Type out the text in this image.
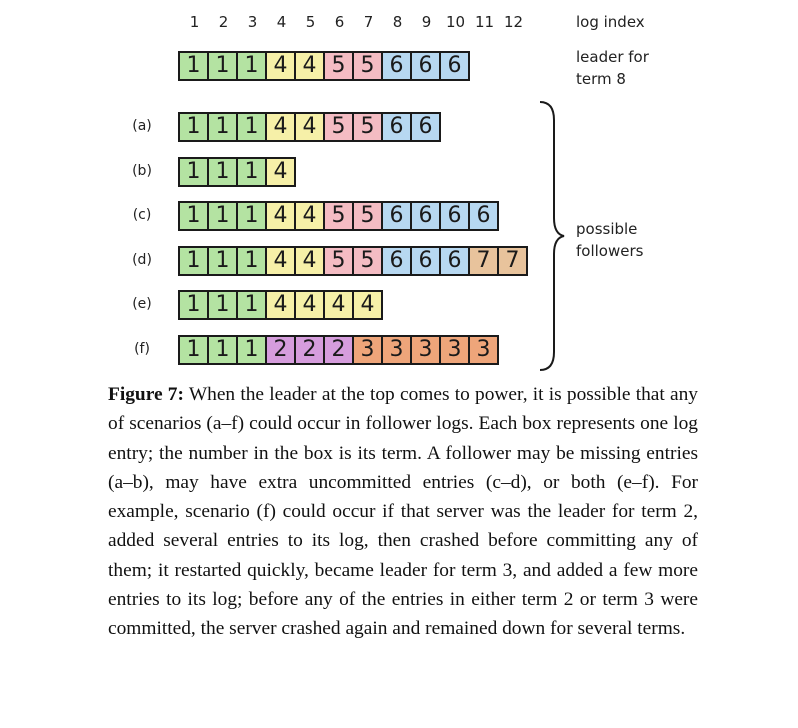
1	2	3	4	5	6	7	8	9 10 11 12	log index
1 1 1 4 4 5 5 6 6 6	leader for
term 8
(a)	1 1 1 4 4 5 5 6 6
(b)	1 1 1 4
(c)	1 1 1 4 4 5 5 6 6 6 6
(d)	1 1 1 4 4 5 5 6 6 6 7 7
(e)	1 1 1 4 4 4 4
(f)	1 1 1 2 2 2 3 3 3 3 3
possible
followers
Figure 7: When the leader at the top comes to power, it is possible that any of scenarios (a–f) could occur in follower logs. Each box represents one log entry; the number in the box is its term. A follower may be missing entries (a–b), may have extra uncommitted entries (c–d), or both (e–f). For example, scenario (f) could occur if that server was the leader for term 2, added several entries to its log, then crashed before committing any of them; it restarted quickly, became leader for term 3, and added a few more entries to its log; before any of the entries in either term 2 or term 3 were committed, the server crashed again and remained down for several terms.
